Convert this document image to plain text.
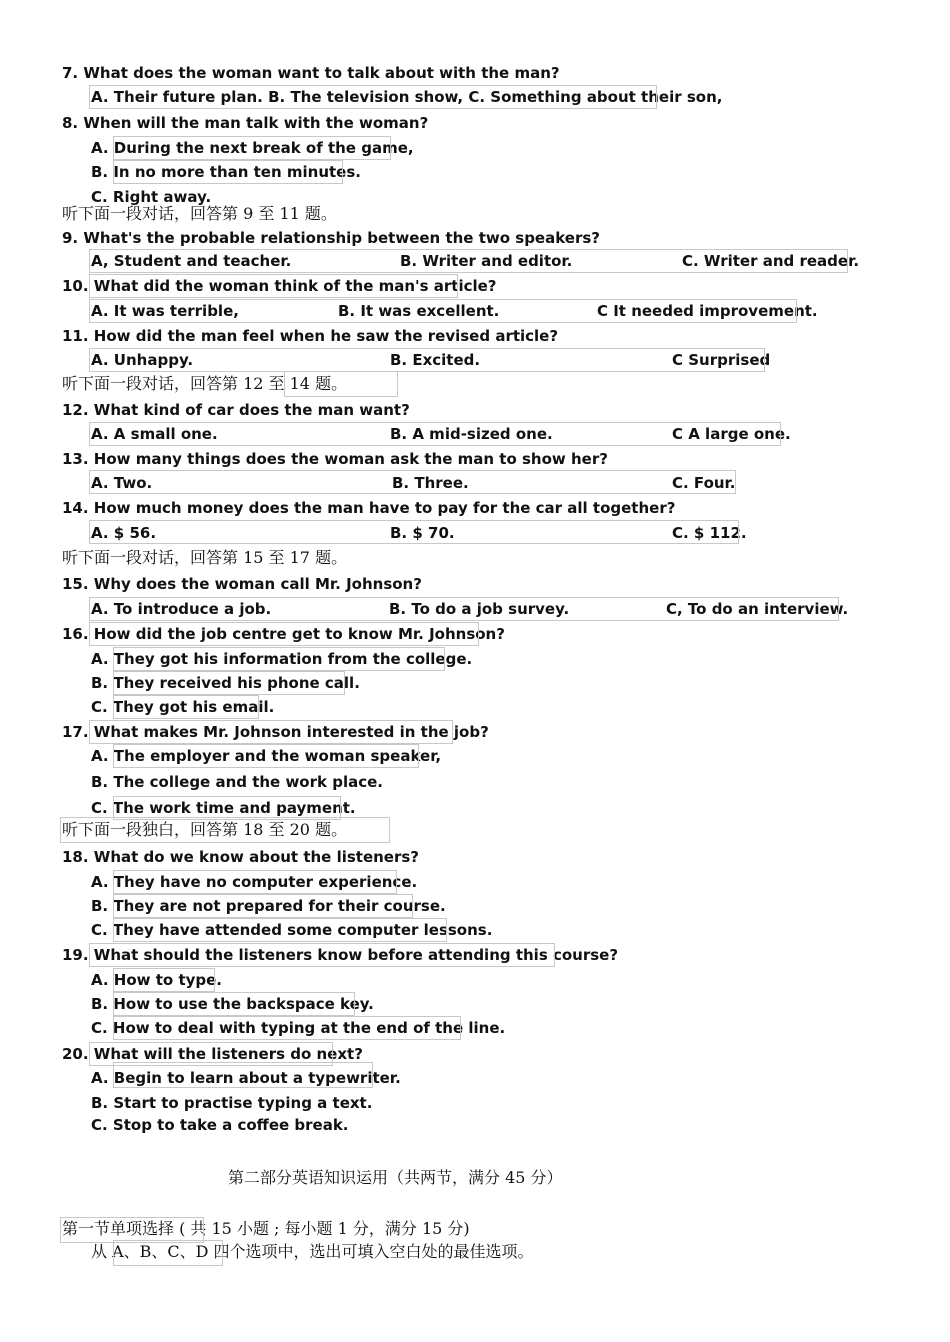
7. What does the woman want to talk about with the man?
A. Their future plan. B. The television show, C. Something about their son,
8. When will the man talk with the woman?
A. During the next break of the game,
B. In no more than ten minutes.
C. Right away.
听下面一段对话，回答第 9 至 11 题。
9. What's the probable relationship between the two speakers?
A, Student and teacher.	B. Writer and editor.	C. Writer and reader.
10. What did the woman think of the man's article?
A. It was terrible,	B. It was excellent.	C It needed improvement.
11. How did the man feel when he saw the revised article?
A. Unhappy.	B. Excited.	C Surprised
听下面一段对话，回答第 12 至 14 题。
12. What kind of car does the man want?
A. A small one.	B. A mid-sized one.	C A large one.
13. How many things does the woman ask the man to show her?
A. Two.	B. Three.	C. Four.
14. How much money does the man have to pay for the car all together?
A. $ 56.	B. $ 70.	C. $ 112.
听下面一段对话，回答第 15 至 17 题。
15. Why does the woman call Mr. Johnson?
A. To introduce a job.	B. To do a job survey.	C, To do an interview.
16. How did the job centre get to know Mr. Johnson?
A. They got his information from the college.
B. They received his phone call.
C. They got his email.
17. What makes Mr. Johnson interested in the job?
A. The employer and the woman speaker,
B. The college and the work place.
C. The work time and payment.
听下面一段独白，回答第 18 至 20 题。
18. What do we know about the listeners?
A. They have no computer experience.
B. They are not prepared for their course.
C. They have attended some computer lessons.
19. What should the listeners know before attending this course?
A. How to type.
B. How to use the backspace key.
C. How to deal with typing at the end of the line.
20. What will the listeners do next?
A. Begin to learn about a typewriter.
B. Start to practise typing a text.
C. Stop to take a coffee break.
第二部分英语知识运用（共两节，满分 45 分）
第一节单项选择 ( 共 15 小题 ; 每小题 1 分，满分 15 分)
从 A、B、C、D 四个选项中，选出可填入空白处的最佳选项。
